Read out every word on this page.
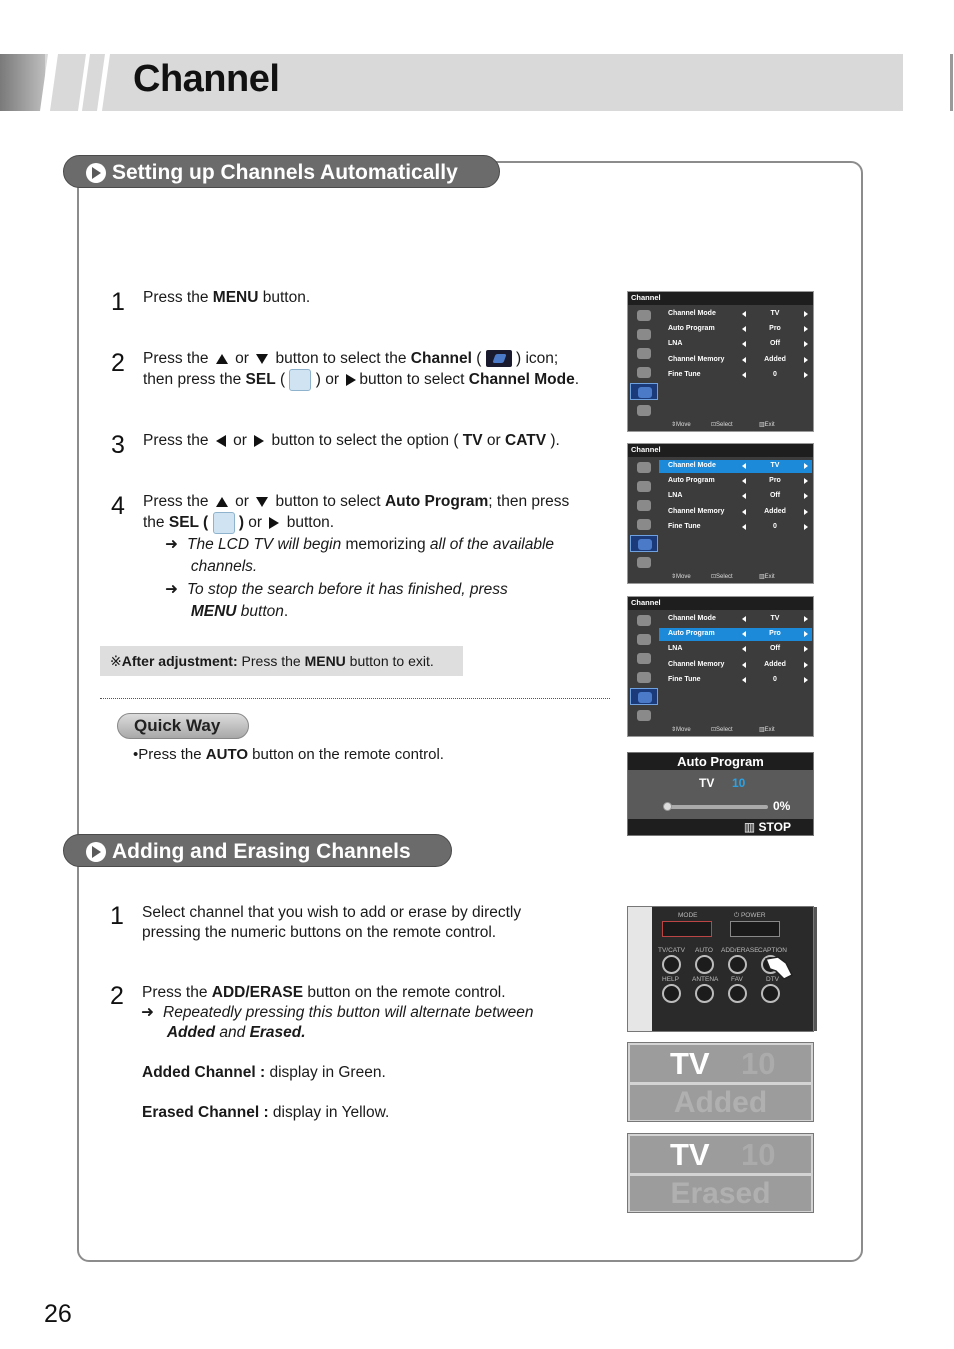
Channel
Setting up Channels Automatically
1 Press the MENU button.
2 Press the  or  button to select the Channel (  ) icon;
then press the SEL (  ) or button to select Channel Mode.
3 Press the  or  button to select the option ( TV or CATV ).
4 Press the  or  button to select Auto Program; then press
the SEL ( ) or  button.
➜ The LCD TV will begin memorizing all of the available
channels.
➜ To stop the search before it has finished, press
MENU button.
※After adjustment: Press the MENU button to exit.
Quick Way
•Press the AUTO button on the remote control.
Channel
Channel Mode	TV
Auto Program	Pro
LNA	Off
Channel Memory	Added
Fine Tune	0
⇕ Move	⊡ Select	▥ Exit
Channel
Channel Mode	TV
Auto Program	Pro
LNA	Off
Channel Memory	Added
Fine Tune	0
⇕ Move	⊡ Select	▥ Exit
Channel
Channel Mode	TV
Auto Program	Pro
LNA	Off
Channel Memory	Added
Fine Tune	0
⇕ Move	⊡ Select	▥ Exit
Auto Program
TV 10
0%
▥ STOP
Adding and Erasing Channels
1 Select channel that you wish to add or erase by directly
pressing the numeric buttons on the remote control.
2 Press the ADD/ERASE button on the remote control.
➜ Repeatedly pressing this button will alternate between
Added and Erased.
Added Channel : display in Green.
Erased Channel : display in Yellow.
MODE	⏻ POWER
TV/CATV AUTO ADD/ERASE CAPTION
HELP ANTENA FAV	DTV
TV 10
Added
TV 10
Erased
26
